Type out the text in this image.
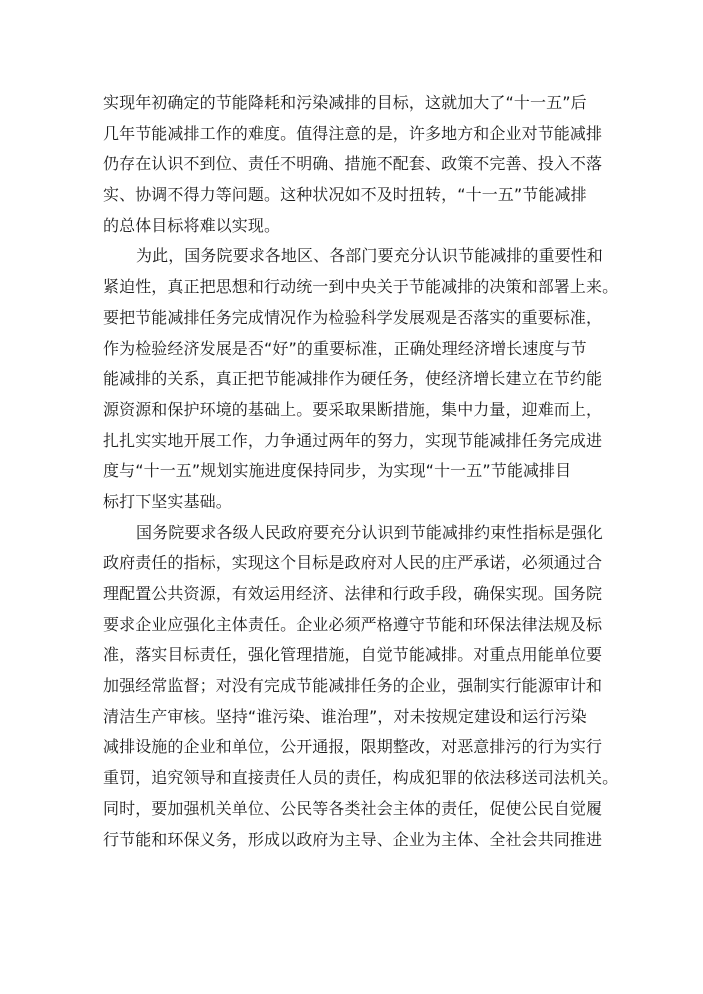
实现年初确定的节能降耗和污染减排的目标，这就加大了“十一五”后
几年节能减排工作的难度。值得注意的是，许多地方和企业对节能减排
仍存在认识不到位、责任不明确、措施不配套、政策不完善、投入不落
实、协调不得力等问题。这种状况如不及时扭转，“十一五”节能减排
的总体目标将难以实现。
为此，国务院要求各地区、各部门要充分认识节能减排的重要性和
紧迫性，真正把思想和行动统一到中央关于节能减排的决策和部署上来。
要把节能减排任务完成情况作为检验科学发展观是否落实的重要标准，
作为检验经济发展是否“好”的重要标准，正确处理经济增长速度与节
能减排的关系，真正把节能减排作为硬任务，使经济增长建立在节约能
源资源和保护环境的基础上。要采取果断措施，集中力量，迎难而上，
扎扎实实地开展工作，力争通过两年的努力，实现节能减排任务完成进
度与“十一五”规划实施进度保持同步，为实现“十一五”节能减排目
标打下坚实基础。
国务院要求各级人民政府要充分认识到节能减排约束性指标是强化
政府责任的指标，实现这个目标是政府对人民的庄严承诺，必须通过合
理配置公共资源，有效运用经济、法律和行政手段，确保实现。国务院
要求企业应强化主体责任。企业必须严格遵守节能和环保法律法规及标
准，落实目标责任，强化管理措施，自觉节能减排。对重点用能单位要
加强经常监督；对没有完成节能减排任务的企业，强制实行能源审计和
清洁生产审核。坚持“谁污染、谁治理”，对未按规定建设和运行污染
减排设施的企业和单位，公开通报，限期整改，对恶意排污的行为实行
重罚，追究领导和直接责任人员的责任，构成犯罪的依法移送司法机关。
同时，要加强机关单位、公民等各类社会主体的责任，促使公民自觉履
行节能和环保义务，形成以政府为主导、企业为主体、全社会共同推进
